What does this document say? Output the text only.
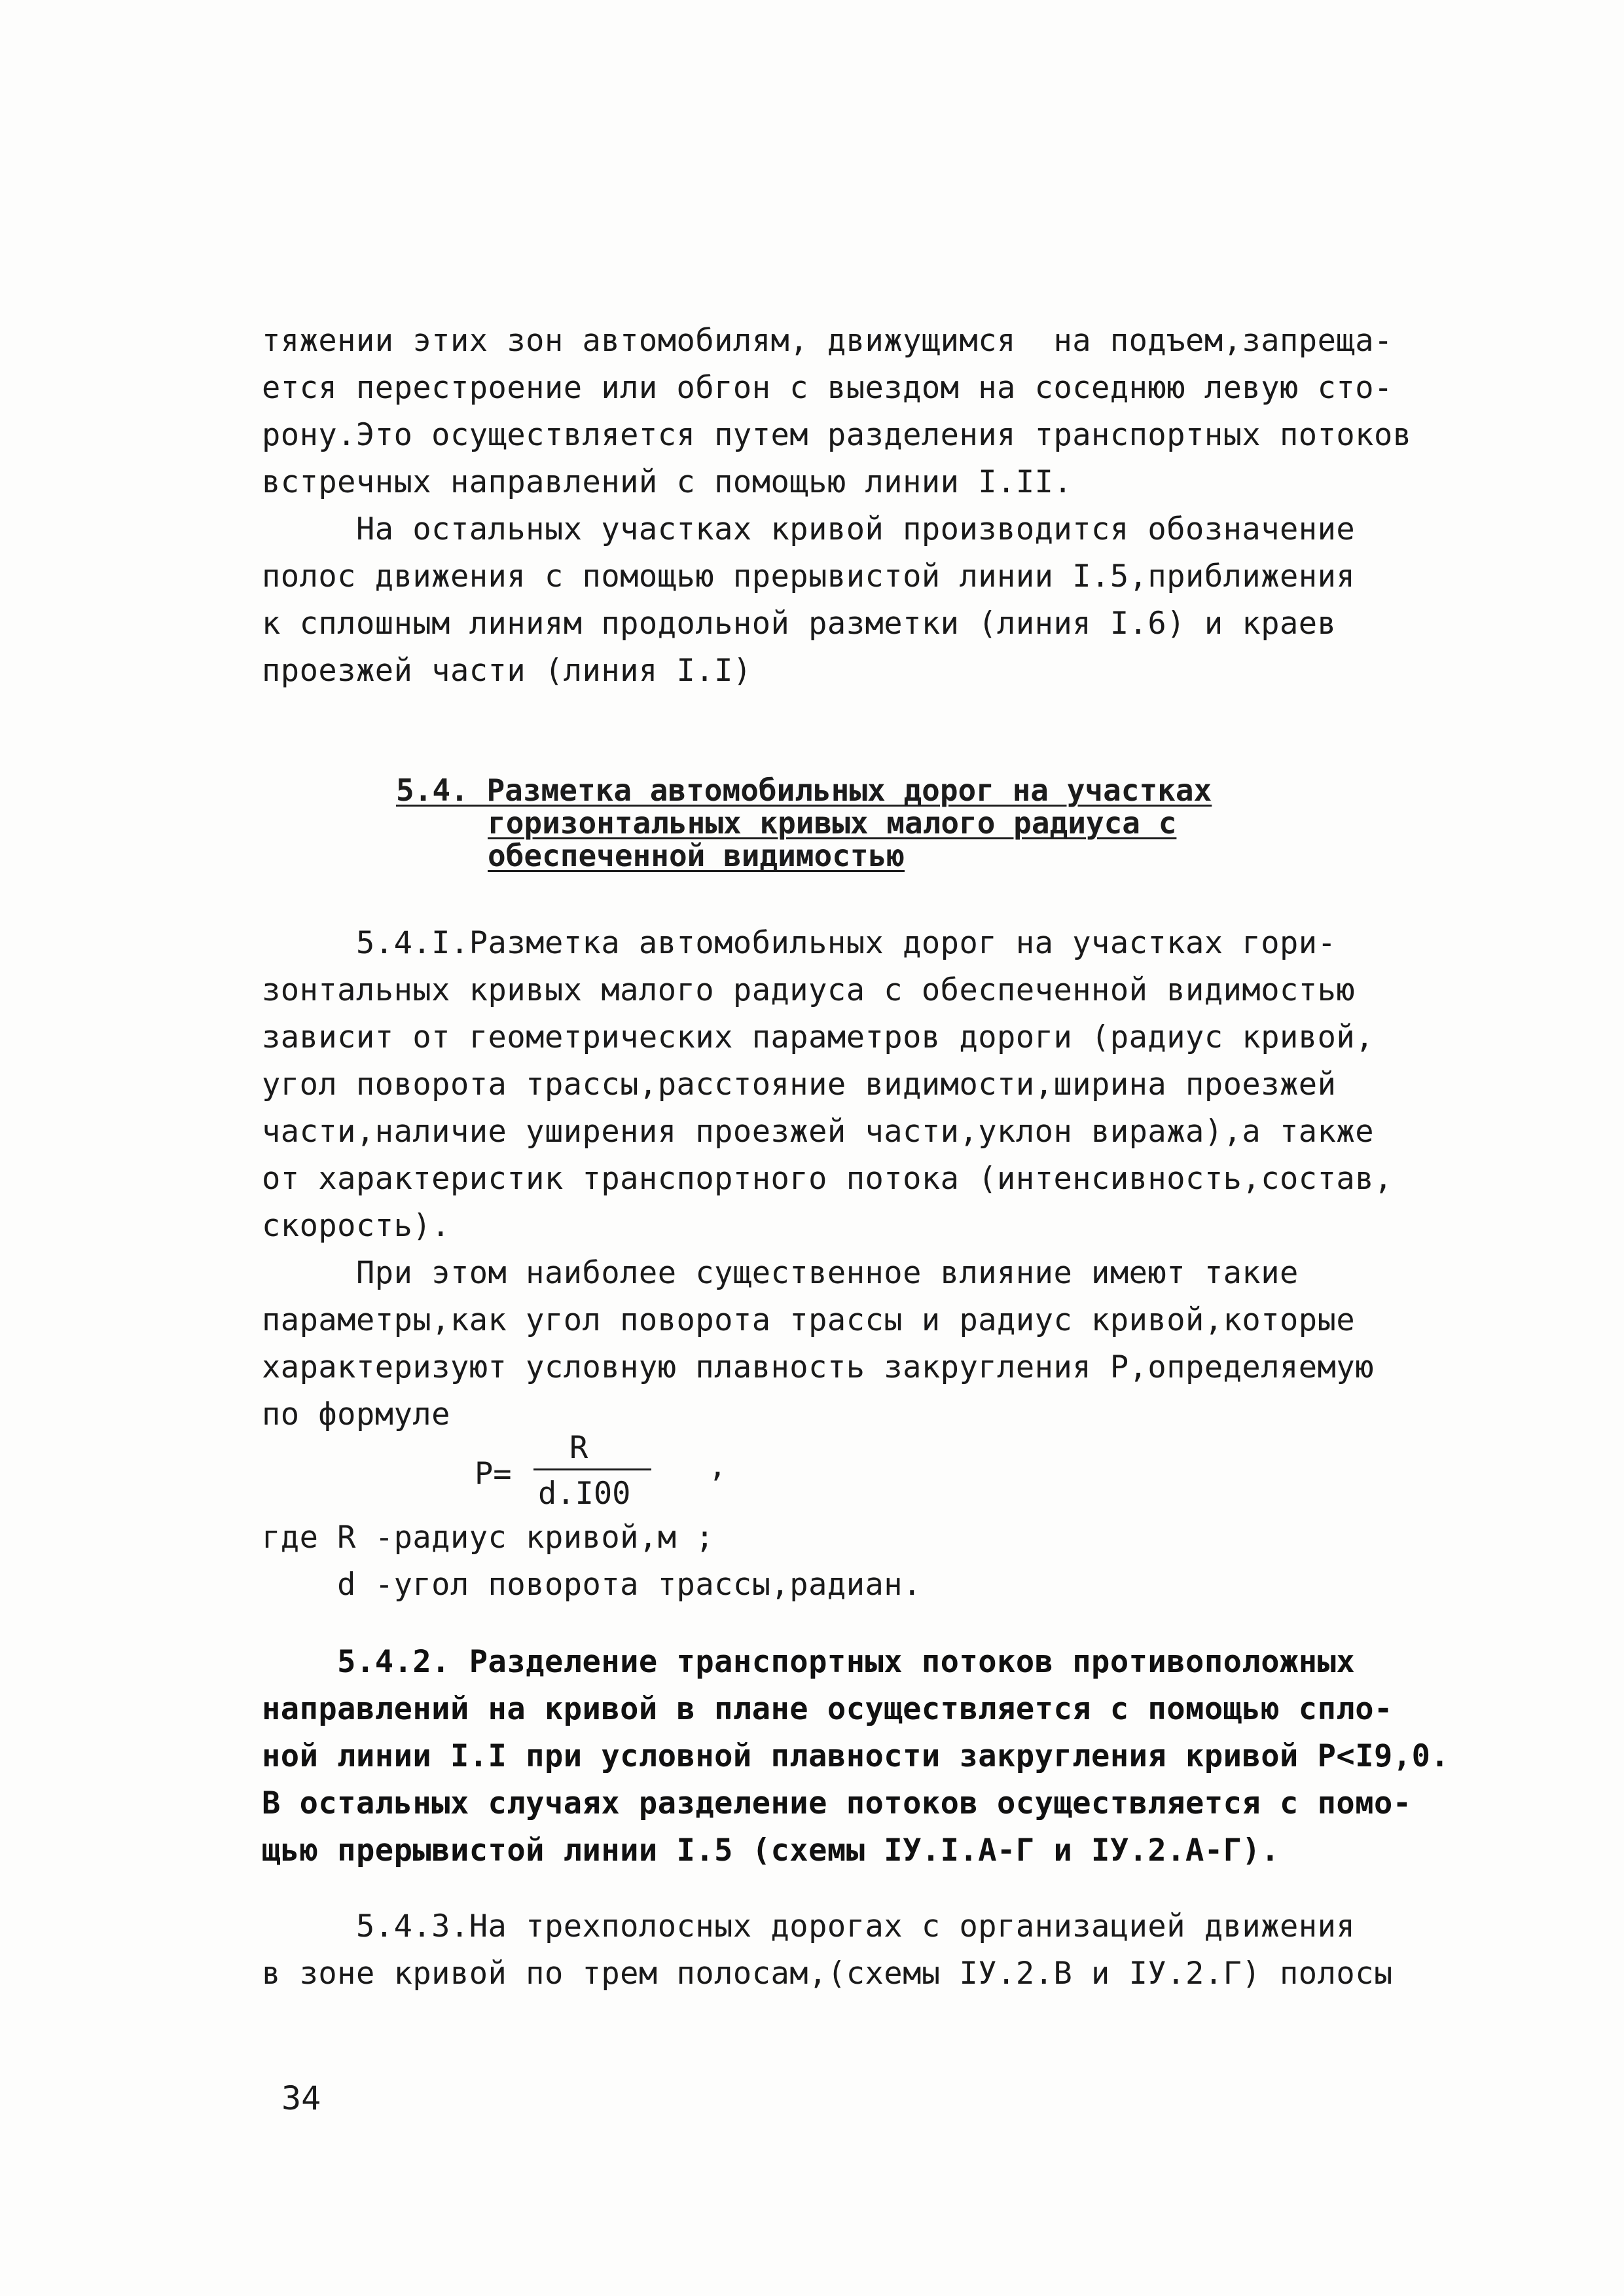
тяжении этих зон автомобилям, движущимся  на подъем,запреща-
ется перестроение или обгон с выездом на соседнюю левую сто-
рону.Это осуществляется путем разделения транспортных потоков
встречных направлений с помощью линии I.II.
На остальных участках кривой производится обозначение
полос движения с помощью прерывистой линии I.5,приближения
к сплошным линиям продольной разметки (линия I.6) и краев
проезжей части (линия I.I)
5.4. Разметка автомобильных дорог на участках
горизонтальных кривых малого радиуса с
обеспеченной видимостью
5.4.I.Разметка автомобильных дорог на участках гори-
зонтальных кривых малого радиуса с обеспеченной видимостью
зависит от геометрических параметров дороги (радиус кривой,
угол поворота трассы,расстояние видимости,ширина проезжей
части,наличие уширения проезжей части,уклон виража),а также
от характеристик транспортного потока (интенсивность,состав,
скорость).
При этом наиболее существенное влияние имеют такие
параметры,как угол поворота трассы и радиус кривой,которые
характеризуют условную плавность закругления Р,определяемую
по формуле
P=
R
d.I00
,
где R -радиус кривой,м ;
d -угол поворота трассы,радиан.
5.4.2. Разделение транспортных потоков противоположных
направлений на кривой в плане осуществляется с помощью спло-
ной линии I.I при условной плавности закругления кривой P<I9,0.
В остальных случаях разделение потоков осуществляется с помо-
щью прерывистой линии I.5 (схемы IУ.I.А-Г и IУ.2.А-Г).
5.4.3.На трехполосных дорогах с организацией движения
в зоне кривой по трем полосам,(схемы IУ.2.В и IУ.2.Г) полосы
34
